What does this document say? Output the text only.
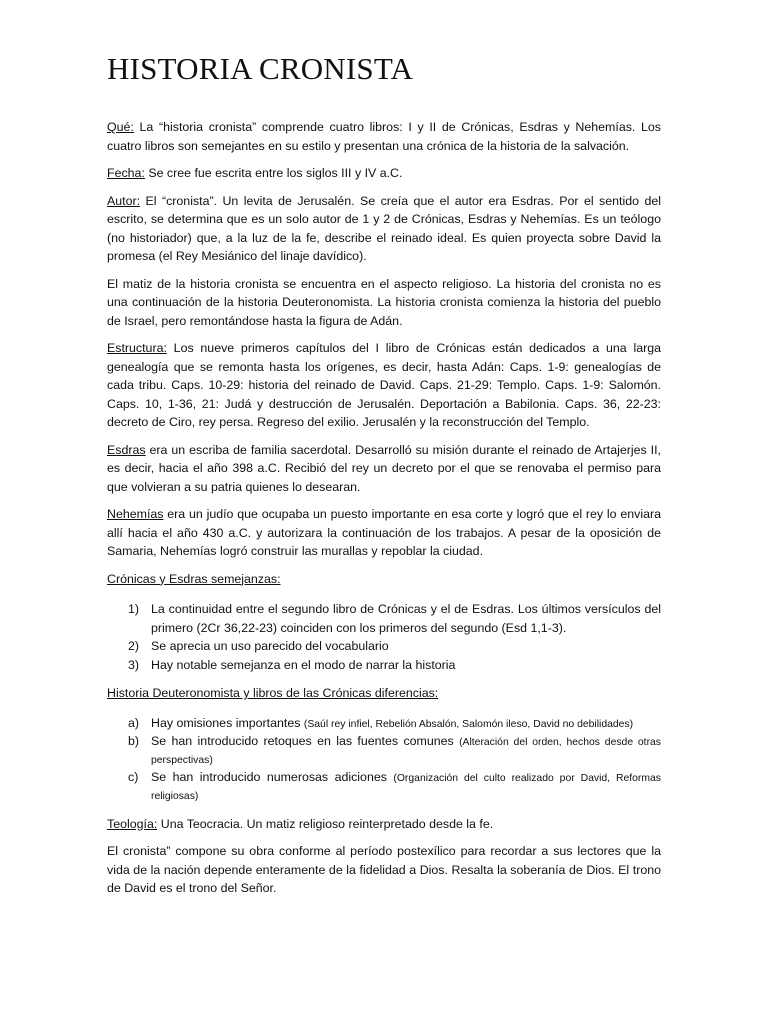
HISTORIA CRONISTA

Qué: La “historia cronista” comprende cuatro libros: I y II de Crónicas, Esdras y Nehemías. Los cuatro libros son semejantes en su estilo y presentan una crónica de la historia de la salvación.

Fecha: Se cree fue escrita entre los siglos III y IV a.C.

Autor: El “cronista”. Un levita de Jerusalén. Se creía que el autor era Esdras. Por el sentido del escrito, se determina que es un solo autor de 1 y 2 de Crónicas, Esdras y Nehemías. Es un teólogo (no historiador) que, a la luz de la fe, describe el reinado ideal. Es quien proyecta sobre David la promesa (el Rey Mesiánico del linaje davídico).

El matiz de la historia cronista se encuentra en el aspecto religioso. La historia del cronista no es una continuación de la historia Deuteronomista. La historia cronista comienza la historia del pueblo de Israel, pero remontándose hasta la figura de Adán.

Estructura: Los nueve primeros capítulos del I libro de Crónicas están dedicados a una larga genealogía que se remonta hasta los orígenes, es decir, hasta Adán: Caps. 1-9: genealogías de cada tribu. Caps. 10-29: historia del reinado de David. Caps. 21-29: Templo. Caps. 1-9: Salomón. Caps. 10, 1-36, 21: Judá y destrucción de Jerusalén. Deportación a Babilonia. Caps. 36, 22-23: decreto de Ciro, rey persa. Regreso del exilio. Jerusalén y la reconstrucción del Templo.

Esdras era un escriba de familia sacerdotal. Desarrolló su misión durante el reinado de Artajerjes II, es decir, hacia el año 398 a.C. Recibió del rey un decreto por el que se renovaba el permiso para que volvieran a su patria quienes lo desearan.

Nehemías era un judío que ocupaba un puesto importante en esa corte y logró que el rey lo enviara allí hacia el año 430 a.C. y autorizara la continuación de los trabajos. A pesar de la oposición de Samaria, Nehemías logró construir las murallas y repoblar la ciudad.

Crónicas y Esdras semejanzas:

1) La continuidad entre el segundo libro de Crónicas y el de Esdras. Los últimos versículos del primero (2Cr 36,22-23) coinciden con los primeros del segundo (Esd 1,1-3).
2) Se aprecia un uso parecido del vocabulario
3) Hay notable semejanza en el modo de narrar la historia

Historia Deuteronomista y libros de las Crónicas diferencias:

a) Hay omisiones importantes (Saúl rey infiel, Rebelión Absalón, Salomón ileso, David no debilidades)
b) Se han introducido retoques en las fuentes comunes (Alteración del orden, hechos desde otras perspectivas)
c) Se han introducido numerosas adiciones (Organización del culto realizado por David, Reformas religiosas)

Teología: Una Teocracia. Un matiz religioso reinterpretado desde la fe.

El cronista” compone su obra conforme al período postexílico para recordar a sus lectores que la vida de la nación depende enteramente de la fidelidad a Dios. Resalta la soberanía de Dios. El trono de David es el trono del Señor.
